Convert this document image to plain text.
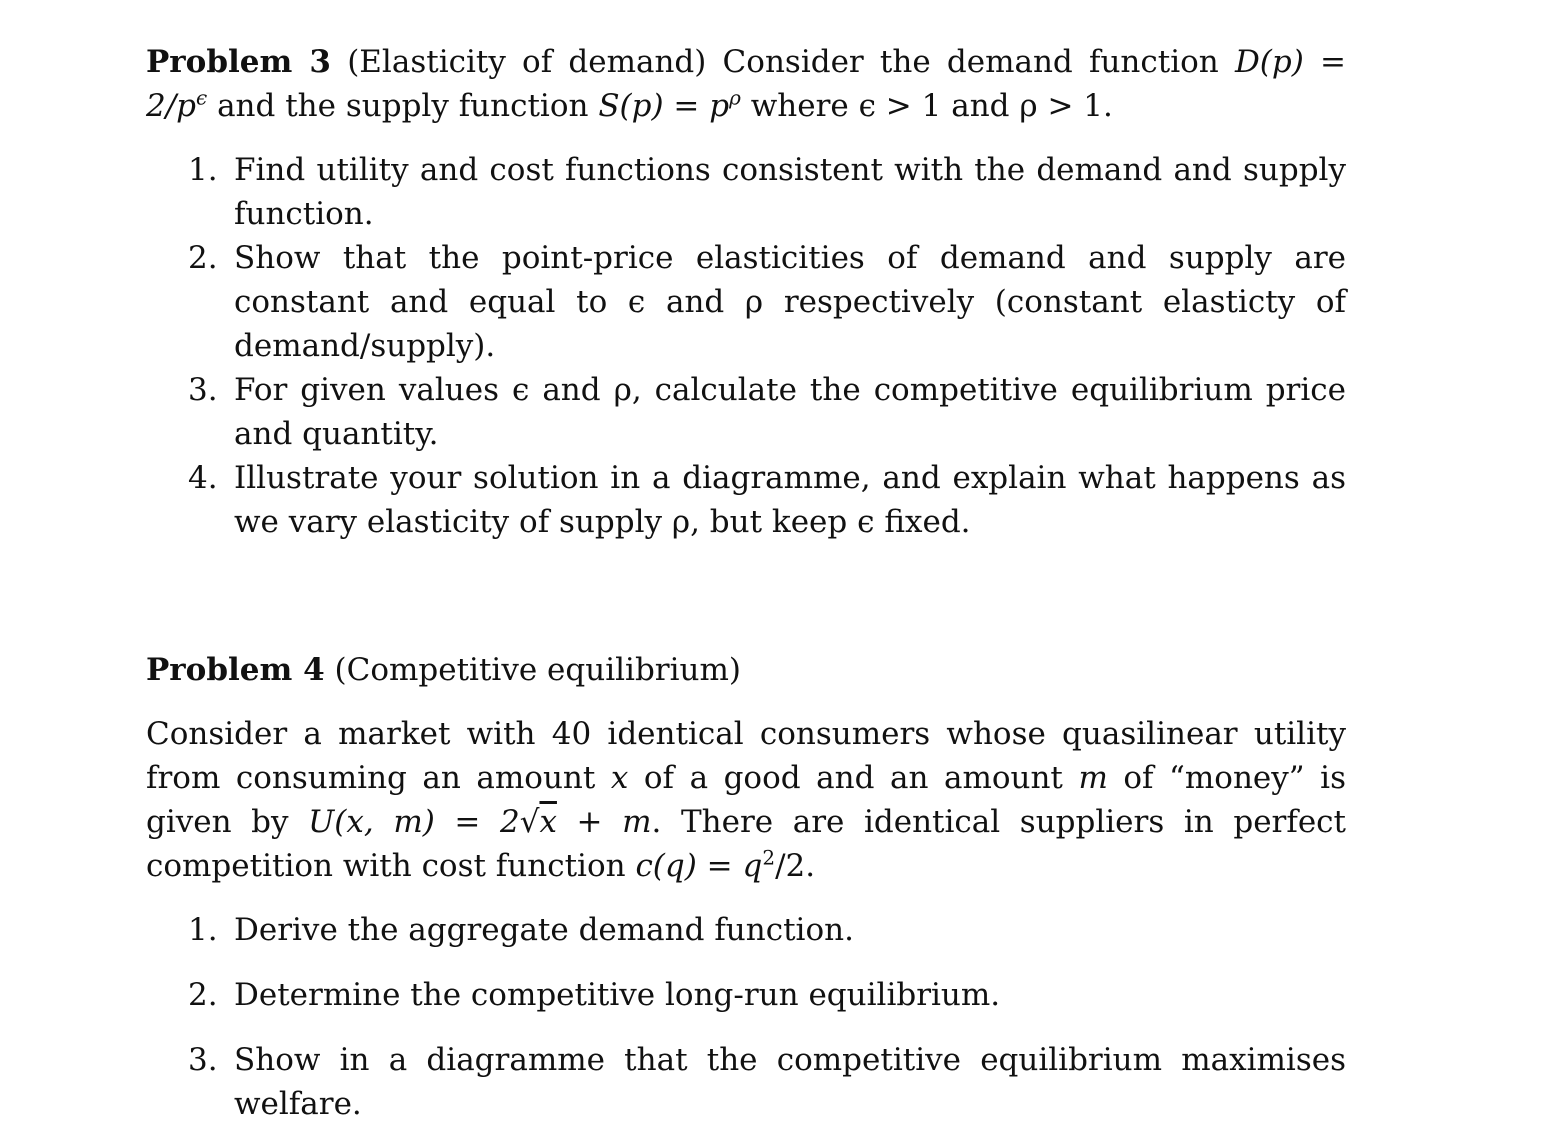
Problem 3 (Elasticity of demand) Consider the demand function $D(p) = 2/p^\epsilon$ and the supply function $S(p) = p^\rho$ where ϵ > 1 and ρ > 1.

1. Find utility and cost functions consistent with the demand and supply function.
2. Show that the point-price elasticities of demand and supply are constant and equal to ϵ and ρ respectively (constant elasticty of demand/supply).
3. For given values ϵ and ρ, calculate the competitive equilibrium price and quantity.
4. Illustrate your solution in a diagramme, and explain what happens as we vary elasticity of supply ρ, but keep ϵ fixed.

Problem 4 (Competitive equilibrium)

Consider a market with 40 identical consumers whose quasilinear utility from consuming an amount x of a good and an amount m of “money” is given by U(x, m) = 2√x + m. There are identical suppliers in perfect competition with cost function $c(q) = q^2/2$.

1. Derive the aggregate demand function.
2. Determine the competitive long-run equilibrium.
3. Show in a diagramme that the competitive equilibrium maximises welfare.
